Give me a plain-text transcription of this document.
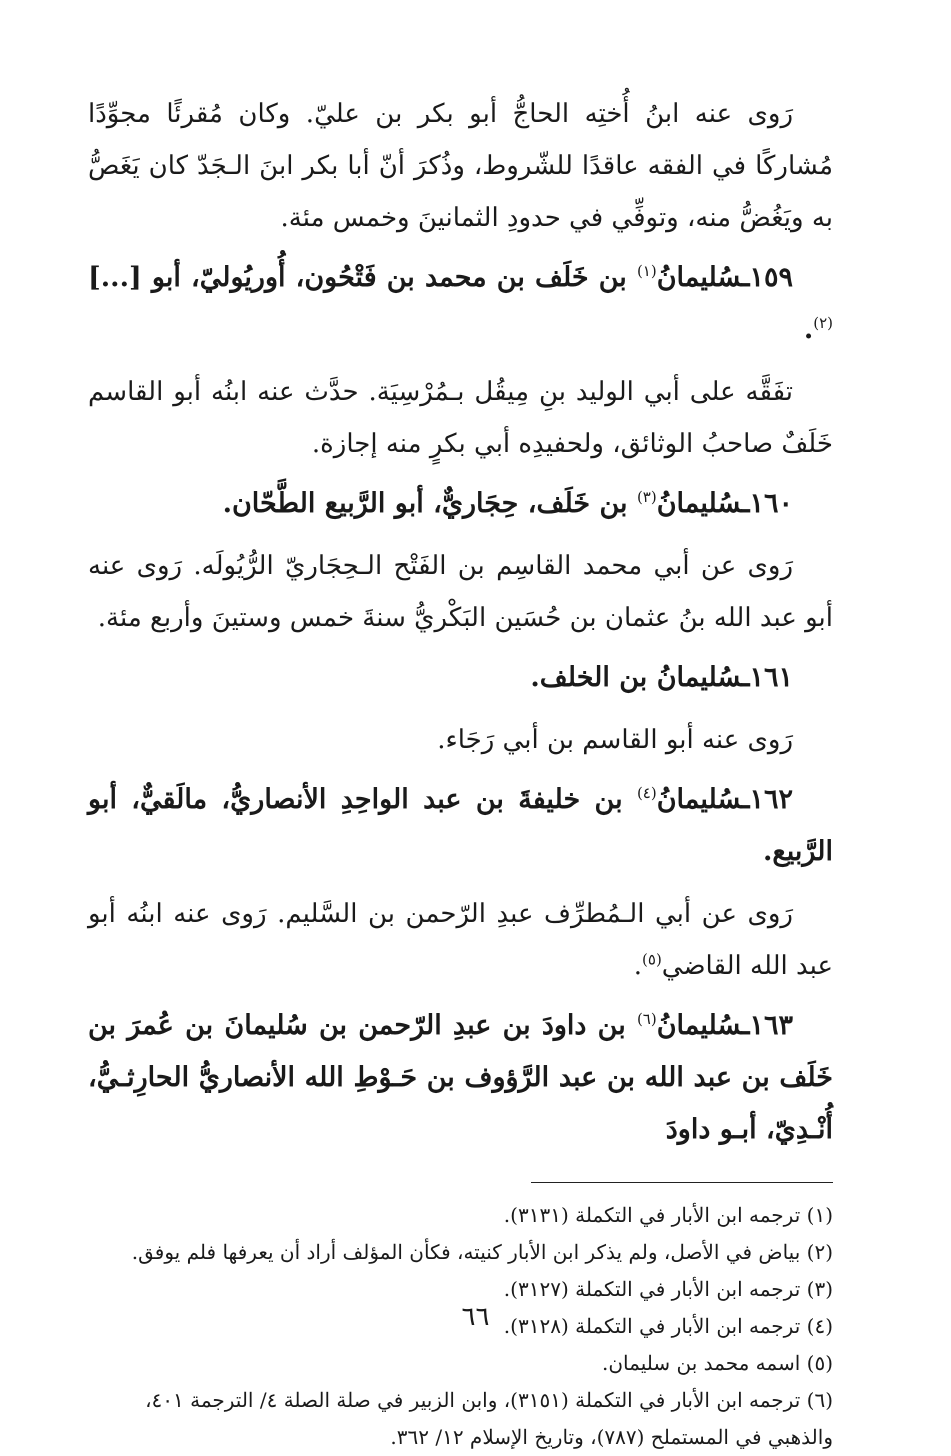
رَوى عنه ابنُ أُختِه الحاجُّ أبو بكر بن عليّ. وكان مُقرئًا مجوِّدًا مُشاركًا في الفقه عاقدًا للشّروط، وذُكرَ أنّ أبا بكر ابنَ الـجَدّ كان يَغَصُّ به ويَغُضُّ منه، وتوفِّي في حدودِ الثمانينَ وخمس مئة.

١٥٩ـسُليمانُ$^{(١)}$ بن خَلَف بن محمد بن فَتْحُون، أُوريُوليّ، أبو [...]$^{(٢)}$.

تفَقَّه على أبي الوليد بنِ مِيقُل بـمُرْسِيَة. حدَّث عنه ابنُه أبو القاسم خَلَفٌ صاحبُ الوثائق، ولحفيدِه أبي بكرٍ منه إجازة.

١٦٠ـسُليمانُ$^{(٣)}$ بن خَلَف، حِجَاريٌّ، أبو الرَّبيع الطَّحّان.

رَوى عن أبي محمد القاسِم بن الفَتْح الـحِجَاريّ الرُّيُولَه. رَوى عنه أبو عبد الله بنُ عثمان بن حُسَين البَكْريُّ سنةَ خمس وستينَ وأربع مئة.

١٦١ـسُليمانُ بن الخلف.

رَوى عنه أبو القاسم بن أبي رَجَاء.

١٦٢ـسُليمانُ$^{(٤)}$ بن خليفةَ بن عبد الواحِدِ الأنصاريُّ، مالَقيٌّ، أبو الرَّبيع.

رَوى عن أبي الـمُطرِّف عبدِ الرّحمن بن السَّليم. رَوى عنه ابنُه أبو عبد الله القاضي$^{(٥)}$.

١٦٣ـسُليمانُ$^{(٦)}$ بن داودَ بن عبدِ الرّحمن بن سُليمانَ بن عُمرَ بن خَلَف بن عبد الله بن عبد الرَّؤوف بن حَـوْطِ الله الأنصاريُّ الحارِثـيُّ، أُنْـدِيّ، أبـو داودَ

(١) ترجمه ابن الأبار في التكملة (٣١٣١).
(٢) بياض في الأصل، ولم يذكر ابن الأبار كنيته، فكأن المؤلف أراد أن يعرفها فلم يوفق.
(٣) ترجمه ابن الأبار في التكملة (٣١٢٧).
(٤) ترجمه ابن الأبار في التكملة (٣١٢٨).
(٥) اسمه محمد بن سليمان.
(٦) ترجمه ابن الأبار في التكملة (٣١٥١)، وابن الزبير في صلة الصلة ٤/ الترجمة ٤٠١، والذهبي في المستملح (٧٨٧)، وتاريخ الإسلام ١٢/ ٣٦٢.
٦٦
